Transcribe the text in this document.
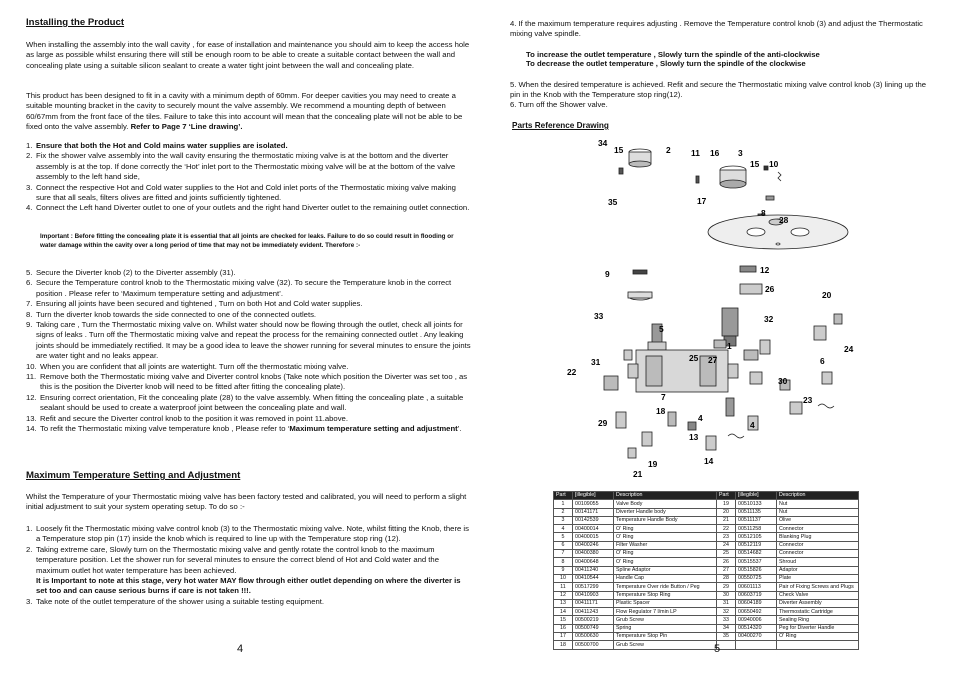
Installing the Product

When installing the assembly into the wall cavity , for ease of installation and maintenance you should aim to keep the access hole as large as possible whilst ensuring there will still be enough room to be able to create a suitable contact between the wall and concealing plate using a suitable silicon sealant to create a water tight joint between the wall and concealing plate.

This product has been designed to fit in a cavity with a minimum depth of 60mm. For deeper cavities you may need to create a suitable mounting bracket in the cavity to securely mount the valve assembly. We recommend a mounting depth of between 60/67mm from the front face of the tiles. Failure to take this into account will mean that the concealing plate will not be able to be fixed onto the valve assembly. Refer to Page 7 ‘Line drawing’.

1. Ensure that both the Hot and Cold mains water supplies are isolated.
2. Fix the shower valve assembly into the wall cavity ensuring the thermostatic mixing valve is at the bottom and the diverter assembly is at the top. If done correctly the ‘Hot’ inlet port to the Thermostatic mixing valve will be at the bottom of the valve assembly to the left hand side,
3. Connect the respective Hot and Cold water supplies to the Hot and Cold inlet ports of the Thermostatic mixing valve making sure that all seals, filters olives are fitted and joints sufficiently tightened.
4. Connect the Left hand Diverter outlet to one of your outlets and the right hand Diverter outlet to the remaining outlet connection.

Important : Before fitting the concealing plate it is essential that all joints are checked for leaks. Failure to do so could result in flooding or water damage within the cavity over a long period of time that may not be immediately evident. Therefore :-

5. Secure the Diverter knob (2) to the Diverter assembly (31).
6. Secure the Temperature control knob to the Thermostatic mixing valve (32). To secure the Temperature knob in the correct position . Please refer to ‘Maximum temperature setting and adjustment’.
7. Ensuring all joints have been secured and tightened , Turn on both Hot and Cold water supplies.
8. Turn the diverter knob towards the side connected to one of the connected outlets.
9. Taking care , Turn the Thermostatic mixing valve on. Whilst water should now be flowing through the outlet, check all joints for signs of leaks . Turn off the Thermostatic mixing valve and repeat the process for the remaining connected outlet . Any leaking joints should be immediately rectified. It may be a good idea to leave the shower running for several minutes to ensure the joints are water tight and no leaks appear.
10. When you are confident that all joints are watertight. Turn off the thermostatic mixing valve.
11. Remove both the Thermostatic mixing valve and Diverter control knobs (Take note which position the Diverter was set too , as this is the position the Diverter knob will need to be fitted after fitting the concealing plate).
12. Ensuring correct orientation, Fit the concealing plate (28) to the valve assembly. When fitting the concealing plate , a suitable sealant should be used to create a waterproof joint between the concealing plate and wall.
13. Refit and secure the Diverter control knob to the position it was removed in point 11.above.
14. To refit the Thermostatic mixing valve temperature knob , Please refer to ‘Maximum temperature setting and adjustment’.

Maximum Temperature Setting and Adjustment

Whilst the Temperature of your Thermostatic mixing valve has been factory tested and calibrated, you will need to perform a slight initial adjustment to suit your system operating setup. To do so :-

1. Loosely fit the Thermostatic mixing valve control knob (3) to the Thermostatic mixing valve. Note, whilst fitting the Knob, there is a Temperature stop pin (17) inside the knob which is required to line up with the Temperature stop ring (12).
2. Taking extreme care, Slowly turn on the Thermostatic mixing valve and gently rotate the control knob to the maximum temperature position. Let the shower run for several minutes to ensure the correct blend of Hot and Cold water and the maximum outlet hot water temperature has been achieved.
It is Important to note at this stage, very hot water MAY flow through either outlet depending on where the diverter is set too and can cause serious burns if care is not taken !!!.
3. Take note of the outlet temperature of the shower using a suitable testing equipment.
4

4. If the maximum temperature requires adjusting . Remove the Temperature control knob (3) and adjust the Thermostatic mixing valve spindle.

To increase the outlet temperature , Slowly turn the spindle of the anti-clockwise

To decrease the outlet temperature , Slowly turn the spindle of the clockwise

5. When the desired temperature is achieved. Refit and secure the Thermostatic mixing valve control knob (3) lining up the pin in the Knob with the Temperature stop ring(12).

6. Turn off the Shower valve.

Parts Reference Drawing

34
15	2 11 16 3
15 10
35	17
8
28
9	12
26
20
33	32
5
1	24
31	25 27	6
22
30
7	23
18
4
4
29
13
19	14
21
Part	[illegible]	Description	Part	[illegible]	Description
1	00109055	Valve Body	19	00510133	Nut
2	00141171	Diverter Handle body	20	00511135	Nut
3	00142539	Temperature Handle Body	21	00511137	Olive
4	00400014	O' Ring	22	00511258	Connector
5	00400015	O' Ring	23	00512105	Blanking Plug
6	00400246	Filter Washer	24	00512119	Connector
7	00400380	O' Ring	25	00514682	Connector
8	00400648	O' Ring	26	00515537	Shroud
9	00411240	Spline Adaptor	27	00515826	Adaptor
10	00410544	Handle Cap	28	00550725	Plate
11	00517299	Temperature Over ride Button / Peg	29	00601113	Pair of Fixing Screws and Plugs
12	00410903	Temperature Stop Ring	30	00603719	Check Valve
13	00411171	Plastic Spacer	31	00604189	Diverter Assembly
14	00411243	Flow Regulator 7 l/min LP	32	00650492	Thermostatic Cartridge
15	00500219	Grub Screw	33	00940006	Sealing Ring
16	00500749	Spring	34	00514320	Peg for Diverter Handle
17	00500630	Temperature Stop Pin	35	00400270	O' Ring
18	00500700	Grub Screw				5
